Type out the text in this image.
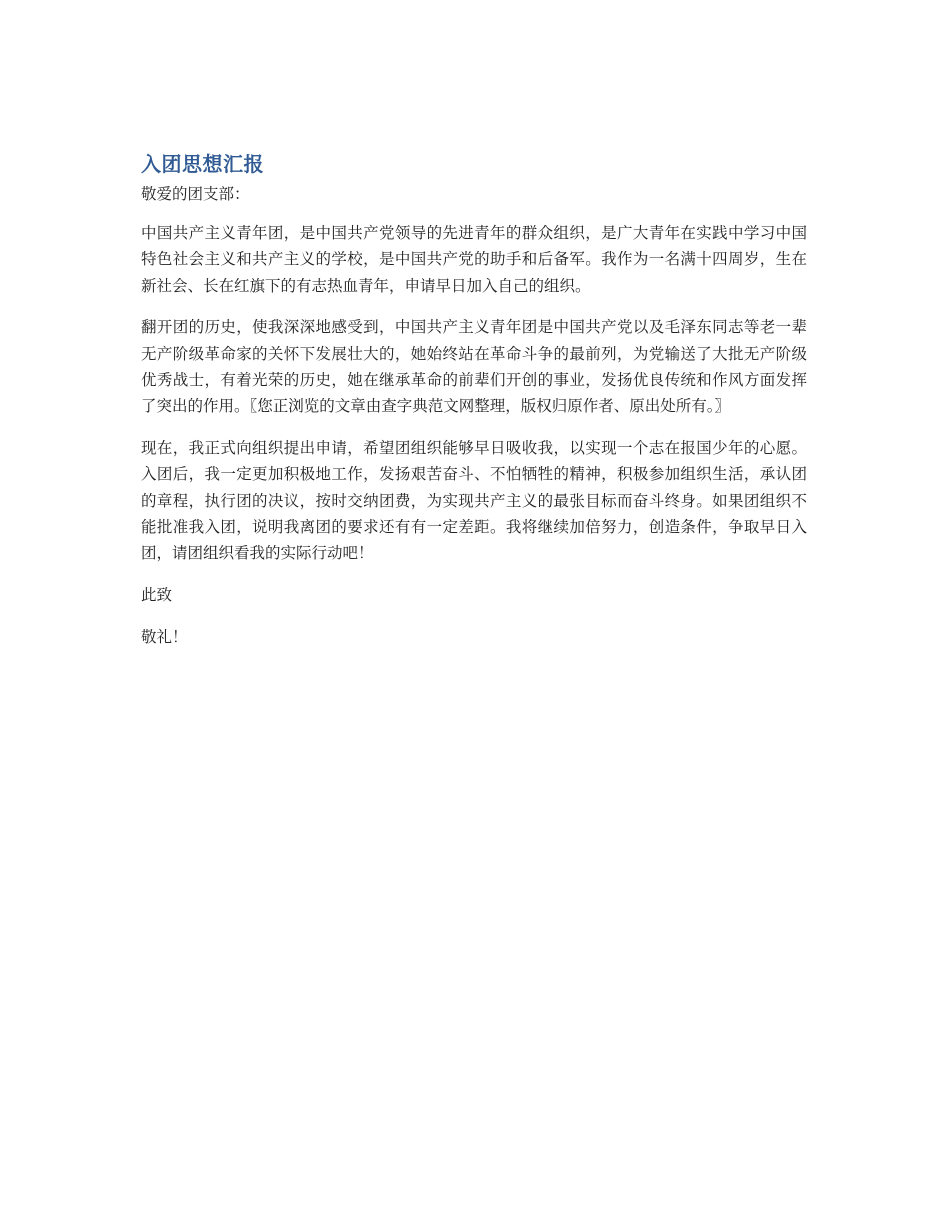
入团思想汇报

敬爱的团支部：

中国共产主义青年团，是中国共产党领导的先进青年的群众组织，是广大青年在实践中学习中国特色社会主义和共产主义的学校，是中国共产党的助手和后备军。我作为一名满十四周岁，生在新社会、长在红旗下的有志热血青年，申请早日加入自己的组织。

翻开团的历史，使我深深地感受到，中国共产主义青年团是中国共产党以及毛泽东同志等老一辈无产阶级革命家的关怀下发展壮大的，她始终站在革命斗争的最前列，为党输送了大批无产阶级优秀战士，有着光荣的历史，她在继承革命的前辈们开创的事业，发扬优良传统和作风方面发挥了突出的作用。〖您正浏览的文章由查字典范文网整理，版权归原作者、原出处所有。〗

现在，我正式向组织提出申请，希望团组织能够早日吸收我，以实现一个志在报国少年的心愿。入团后，我一定更加积极地工作，发扬艰苦奋斗、不怕牺牲的精神，积极参加组织生活，承认团的章程，执行团的决议，按时交纳团费，为实现共产主义的最张目标而奋斗终身。如果团组织不能批准我入团，说明我离团的要求还有有一定差距。我将继续加倍努力，创造条件，争取早日入团，请团组织看我的实际行动吧！

此致

敬礼！
